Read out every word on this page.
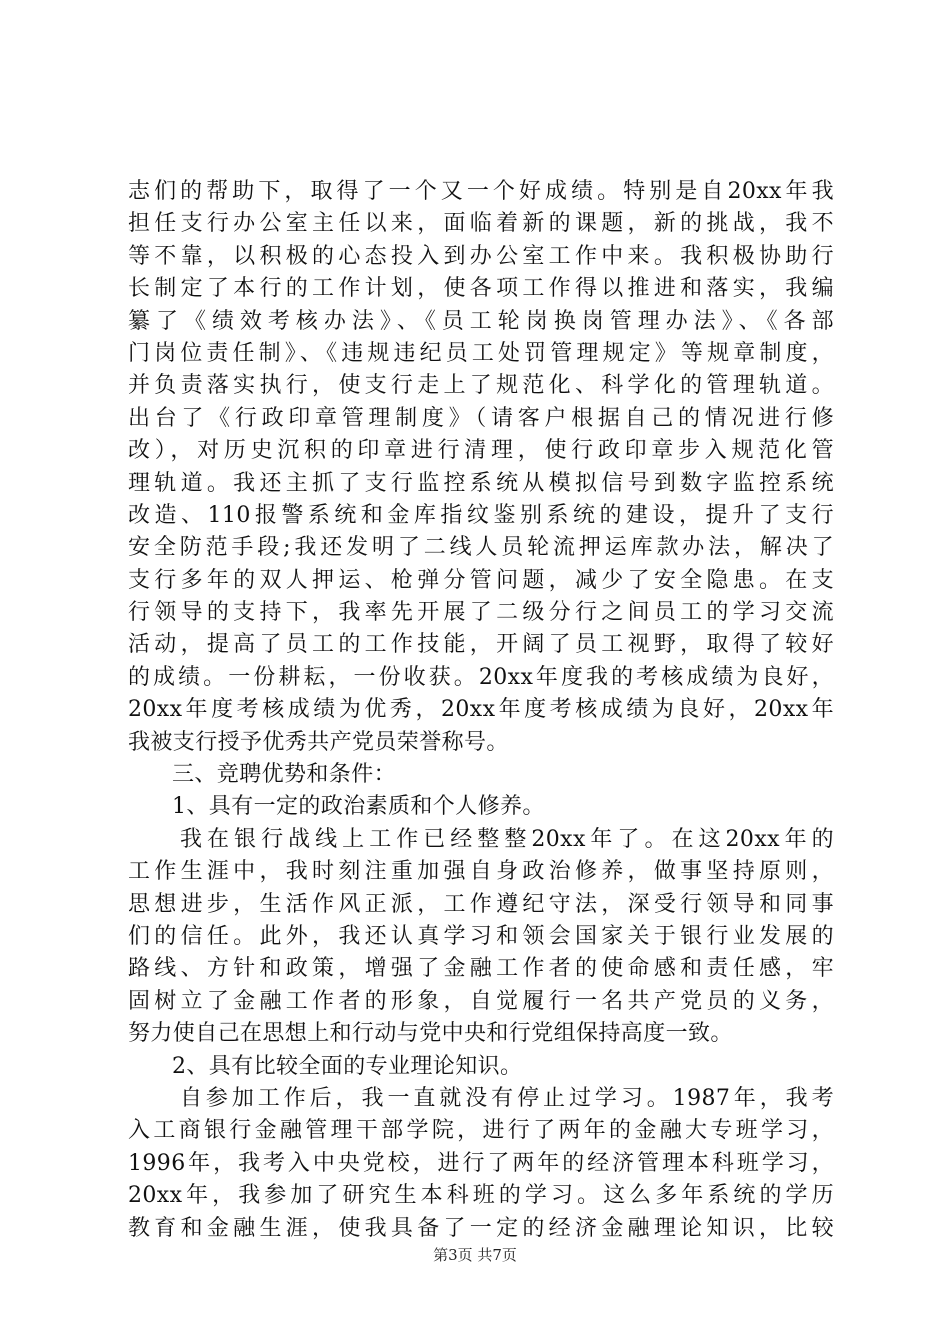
志们的帮助下，取得了一个又一个好成绩。特别是自20xx年我
担任支行办公室主任以来，面临着新的课题，新的挑战，我不
等不靠，以积极的心态投入到办公室工作中来。我积极协助行
长制定了本行的工作计划，使各项工作得以推进和落实，我编
纂了《绩效考核办法》、《员工轮岗换岗管理办法》、《各部
门岗位责任制》、《违规违纪员工处罚管理规定》等规章制度，
并负责落实执行，使支行走上了规范化、科学化的管理轨道。
出台了《行政印章管理制度》（请客户根据自己的情况进行修
改），对历史沉积的印章进行清理，使行政印章步入规范化管
理轨道。我还主抓了支行监控系统从模拟信号到数字监控系统
改造、110报警系统和金库指纹鉴别系统的建设，提升了支行
安全防范手段;我还发明了二线人员轮流押运库款办法，解决了
支行多年的双人押运、枪弹分管问题，减少了安全隐患。在支
行领导的支持下，我率先开展了二级分行之间员工的学习交流
活动，提高了员工的工作技能，开阔了员工视野，取得了较好
的成绩。一份耕耘，一份收获。20xx年度我的考核成绩为良好，
20xx年度考核成绩为优秀，20xx年度考核成绩为良好，20xx年
我被支行授予优秀共产党员荣誉称号。
三、竞聘优势和条件：
1、具有一定的政治素质和个人修养。
我在银行战线上工作已经整整20xx年了。在这20xx年的
工作生涯中，我时刻注重加强自身政治修养，做事坚持原则，
思想进步，生活作风正派，工作遵纪守法，深受行领导和同事
们的信任。此外，我还认真学习和领会国家关于银行业发展的
路线、方针和政策，增强了金融工作者的使命感和责任感，牢
固树立了金融工作者的形象，自觉履行一名共产党员的义务，
努力使自己在思想上和行动与党中央和行党组保持高度一致。
2、具有比较全面的专业理论知识。
自参加工作后，我一直就没有停止过学习。1987年，我考
入工商银行金融管理干部学院，进行了两年的金融大专班学习，
1996年，我考入中央党校，进行了两年的经济管理本科班学习，
20xx年，我参加了研究生本科班的学习。这么多年系统的学历
教育和金融生涯，使我具备了一定的经济金融理论知识，比较
第3页 共7页
